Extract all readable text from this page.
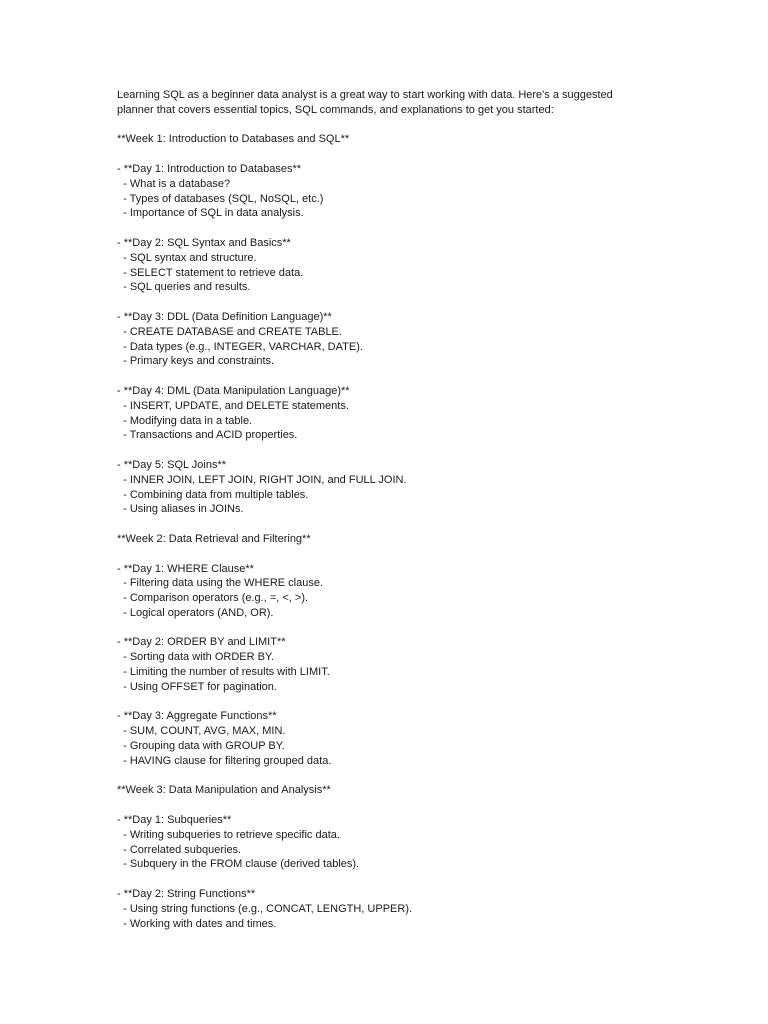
Learning SQL as a beginner data analyst is a great way to start working with data. Here's a suggested
planner that covers essential topics, SQL commands, and explanations to get you started:
**Week 1: Introduction to Databases and SQL**
- **Day 1: Introduction to Databases**
- What is a database?
- Types of databases (SQL, NoSQL, etc.)
- Importance of SQL in data analysis.
- **Day 2: SQL Syntax and Basics**
- SQL syntax and structure.
- SELECT statement to retrieve data.
- SQL queries and results.
- **Day 3: DDL (Data Definition Language)**
- CREATE DATABASE and CREATE TABLE.
- Data types (e.g., INTEGER, VARCHAR, DATE).
- Primary keys and constraints.
- **Day 4: DML (Data Manipulation Language)**
- INSERT, UPDATE, and DELETE statements.
- Modifying data in a table.
- Transactions and ACID properties.
- **Day 5: SQL Joins**
- INNER JOIN, LEFT JOIN, RIGHT JOIN, and FULL JOIN.
- Combining data from multiple tables.
- Using aliases in JOINs.
**Week 2: Data Retrieval and Filtering**
- **Day 1: WHERE Clause**
- Filtering data using the WHERE clause.
- Comparison operators (e.g., =, <, >).
- Logical operators (AND, OR).
- **Day 2: ORDER BY and LIMIT**
- Sorting data with ORDER BY.
- Limiting the number of results with LIMIT.
- Using OFFSET for pagination.
- **Day 3: Aggregate Functions**
- SUM, COUNT, AVG, MAX, MIN.
- Grouping data with GROUP BY.
- HAVING clause for filtering grouped data.
**Week 3: Data Manipulation and Analysis**
- **Day 1: Subqueries**
- Writing subqueries to retrieve specific data.
- Correlated subqueries.
- Subquery in the FROM clause (derived tables).
- **Day 2: String Functions**
- Using string functions (e.g., CONCAT, LENGTH, UPPER).
- Working with dates and times.
